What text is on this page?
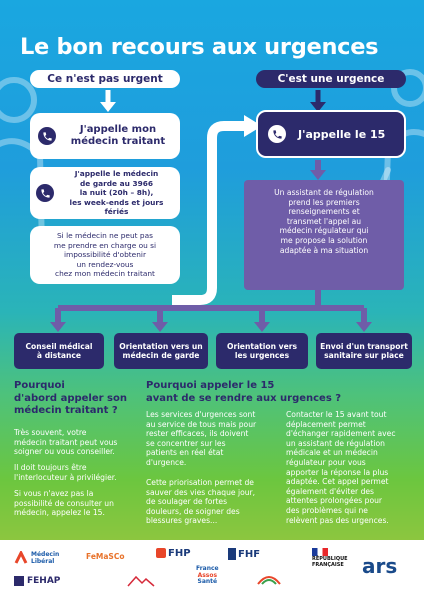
Le bon recours aux urgences
Ce n'est pas urgent	C'est une urgence
J'appelle mon
médecin traitant
J'appelle le médecin
de garde au 3966
la nuit (20h – 8h),
les week-ends et jours fériés
Si le médecin ne peut pas
me prendre en charge ou si
impossibilité d'obtenir
un rendez-vous
chez mon médecin traitant
J'appelle le 15
Un assistant de régulation
prend les premiers
renseignements et
transmet l'appel au
médecin régulateur qui
me propose la solution
adaptée à ma situation
Conseil médical
à distance
Orientation vers un
médecin de garde
Orientation vers
les urgences
Envoi d'un transport
sanitaire sur place
Pourquoi
d'abord appeler son
médecin traitant ?
Très souvent, votre
médecin traitant peut vous
soigner ou vous conseiller.
Il doit toujours être
l'interlocuteur à privilégier.
Si vous n'avez pas la
possibilité de consulter un
médecin, appelez le 15.
Pourquoi appeler le 15
avant de se rendre aux urgences ?
Les services d'urgences sont
au service de tous mais pour
rester efficaces, ils doivent
se concentrer sur les
patients en réel état
d'urgence.
Cette priorisation permet de
sauver des vies chaque jour,
de soulager de fortes
douleurs, de soigner des
blessures graves...
Contacter le 15 avant tout
déplacement permet
d'échanger rapidement avec
un assistant de régulation
médicale et un médecin
régulateur pour vous
apporter la réponse la plus
adaptée. Cet appel permet
également d'éviter des
attentes prolongées pour
des problèmes qui ne
relèvent pas des urgences.
Médecin
Libéral
FeMaSCo	FHP	FHF	RÉPUBLIQUE
FRANÇAISE ars
FEHAP
France
Assos
Santé
